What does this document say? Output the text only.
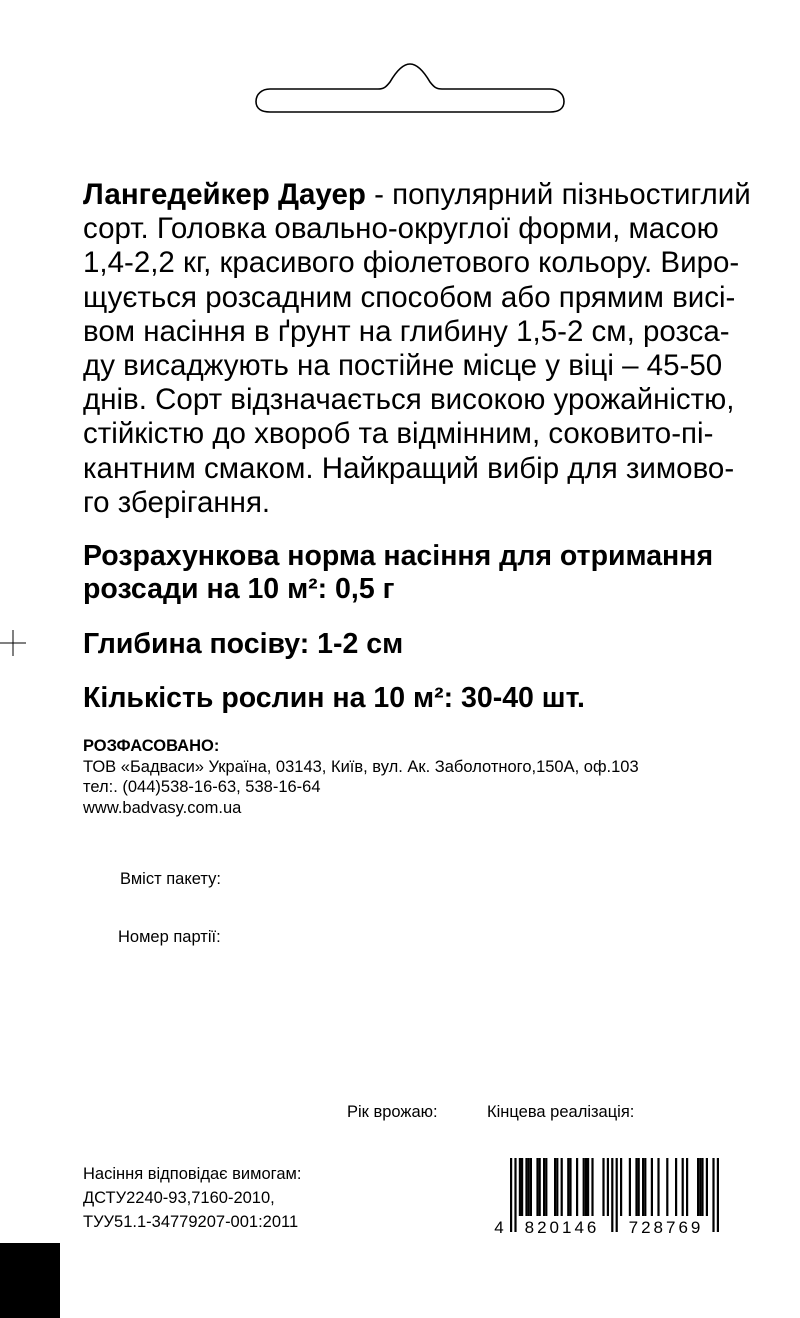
Лангедейкер Дауер - популярний пізньостиглий
сорт. Головка овально-округлої форми, масою
1,4-2,2 кг, красивого фіолетового кольору. Виро-
щується розсадним способом або прямим висі-
вом насіння в ґрунт на глибину 1,5-2 см, розса-
ду висаджують на постійне місце у віці – 45-50
днів. Сорт відзначається високою урожайністю,
стійкістю до хвороб та відмінним, соковито-пі-
кантним смаком. Найкращий вибір для зимово-
го зберігання.

Розрахункова норма насіння для отримання
розсади на 10 м²: 0,5 г

Глибина посіву: 1-2 см

Кількість рослин на 10 м²: 30-40 шт.

РОЗФАСОВАНО:
ТОВ «Бадваси» Україна, 03143, Київ, вул. Ак. Заболотного,150А, оф.103
тел:. (044)538-16-63, 538-16-64
www.badvasy.com.ua
Вміст пакету:
Номер партії:
Рік врожаю:	Кінцева реалізація:
Насіння відповідає вимогам:
ДСТУ2240-93,7160-2010,
ТУУ51.1-34779207-001:2011	4 820146 728769
